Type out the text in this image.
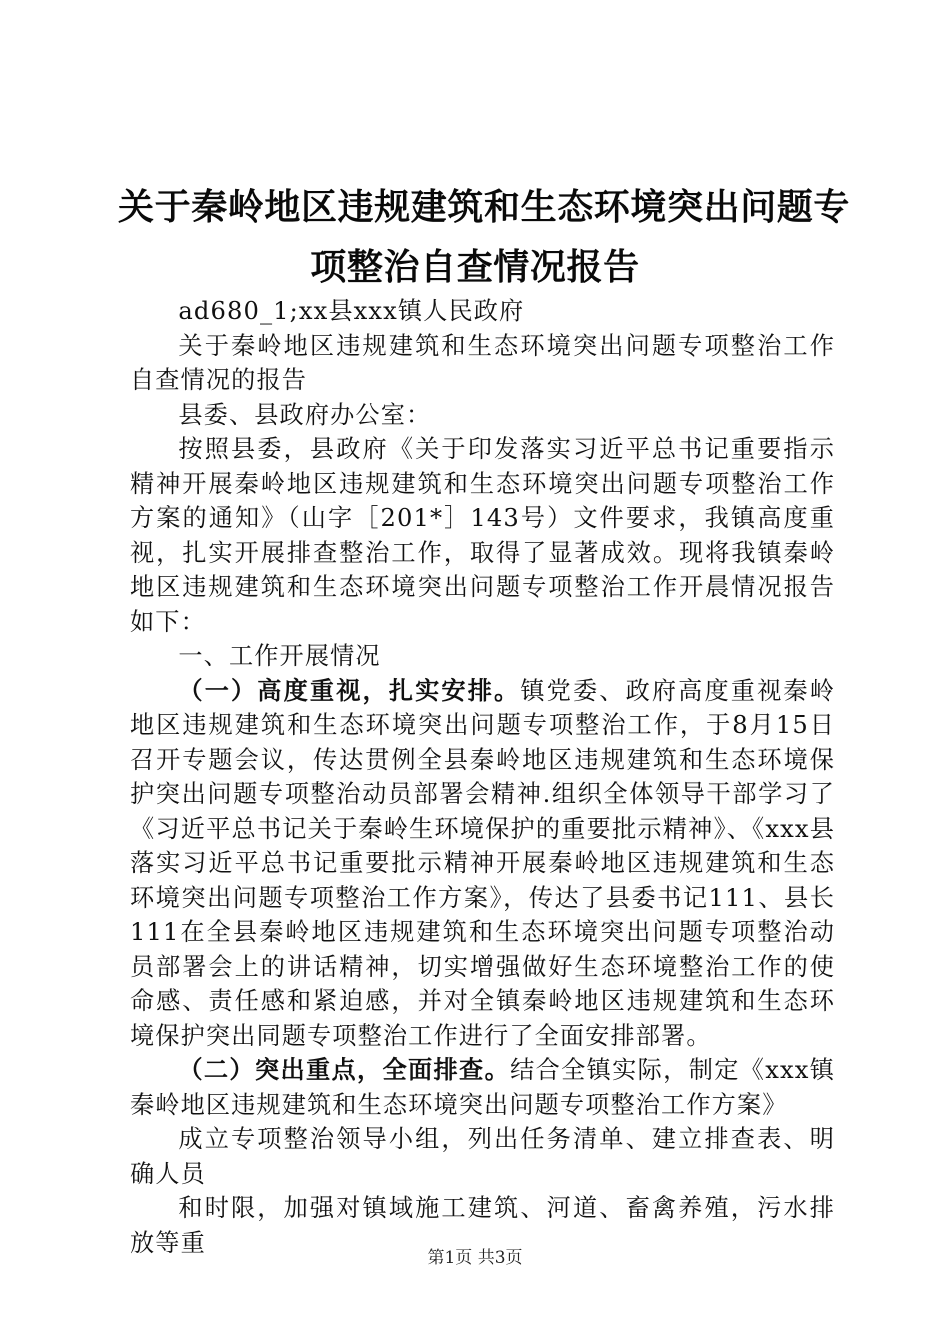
关于秦岭地区违规建筑和生态环境突出问题专
项整治自查情况报告

ad680_1;xx县xxx镇人民政府

关于秦岭地区违规建筑和生态环境突出问题专项整治工作自查情况的报告

县委、县政府办公室：

按照县委，县政府《关于印发落实习近平总书记重要指示精神开展秦岭地区违规建筑和生态环境突出问题专项整治工作方案的通知》（山字［201*］143号）文件要求，我镇高度重视，扎实开展排查整治工作，取得了显著成效。现将我镇秦岭地区违规建筑和生态环境突出问题专项整治工作开晨情况报告如下：

一、工作开展情况

（一）高度重视，扎实安排。镇党委、政府高度重视秦岭地区违规建筑和生态环境突出问题专项整治工作，于8月15日召开专题会议，传达贯例全县秦岭地区违规建筑和生态环境保护突出问题专项整治动员部署会精神.组织全体领导干部学习了《习近平总书记关于秦岭生环境保护的重要批示精神》、《xxx县落实习近平总书记重要批示精神开展秦岭地区违规建筑和生态环境突出问题专项整治工作方案》，传达了县委书记111、县长111在全县秦岭地区违规建筑和生态环境突出问题专项整治动员部署会上的讲话精神，切实增强做好生态环境整治工作的使命感、责任感和紧迫感，并对全镇秦岭地区违规建筑和生态环境保护突出同题专项整治工作进行了全面安排部署。

（二）突出重点，全面排查。结合全镇实际，制定《xxx镇秦岭地区违规建筑和生态环境突出问题专项整治工作方案》

成立专项整治领导小组，列出任务清单、建立排查表、明确人员

和时限，加强对镇域施工建筑、河道、畜禽养殖，污水排放等重

第1页 共3页
